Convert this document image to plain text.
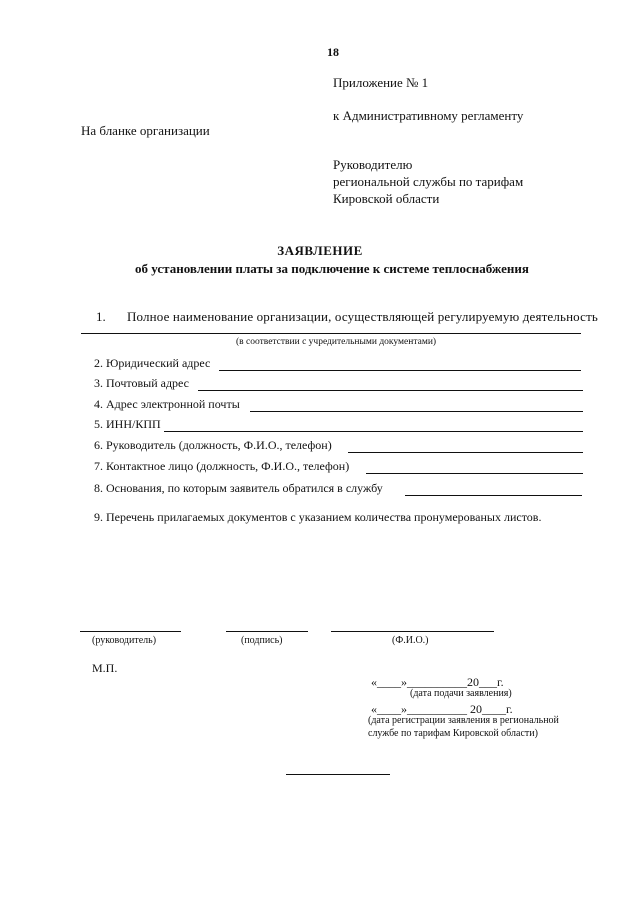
18
Приложение № 1
к Административному регламенту
На бланке организации
Руководителю
региональной службы по тарифам
Кировской области
ЗАЯВЛЕНИЕ
об установлении платы за подключение к системе теплоснабжения
1. Полное наименование организации, осуществляющей регулируемую деятельность
(в соответствии с учредительными документами)
2. Юридический адрес
3. Почтовый адрес
4. Адрес электронной почты
5. ИНН/КПП
6. Руководитель (должность, Ф.И.О., телефон)
7. Контактное лицо (должность, Ф.И.О., телефон)
8. Основания, по которым заявитель обратился в службу
9. Перечень прилагаемых документов с указанием количества пронумерованых листов.
(руководитель)	(подпись)	(Ф.И.О.)
М.П.
«____»__________20___г.
(дата подачи заявления)
«____»__________ 20____г.
(дата регистрации заявления в региональной
службе по тарифам Кировской области)
